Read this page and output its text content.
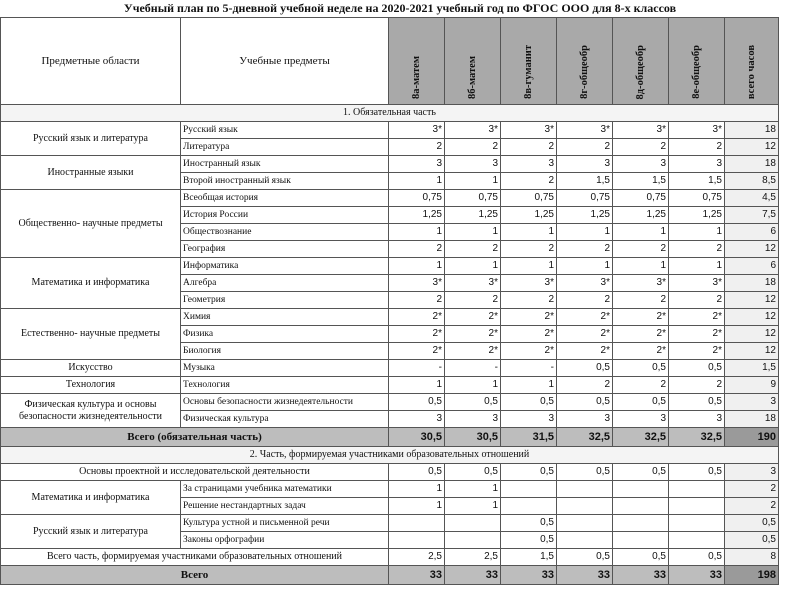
Учебный план по 5-дневной учебной неделе на 2020-2021 учебный год по ФГОС ООО для 8-х классов
Предметные области	Учебные предметы	8а-матем	8б-матем	8в-гуманит	8г-общеобр	8д-общеобр	8е-общеобр	всего часов
1. Обязательная часть								
Русский язык и литература	Русский язык	3*	3*	3*	3*	3*	3*	18
	Литература	2	2	2	2	2	2	12
Иностранные языки	Иностранный язык	3	3	3	3	3	3	18
	Второй иностранный язык	1	1	2	1,5	1,5	1,5	8,5
Общественно- научные предметы	Всеобщая история	0,75	0,75	0,75	0,75	0,75	0,75	4,5
	История России	1,25	1,25	1,25	1,25	1,25	1,25	7,5
	Обществознание	1	1	1	1	1	1	6
	География	2	2	2	2	2	2	12
Математика и информатика	Информатика	1	1	1	1	1	1	6
	Алгебра	3*	3*	3*	3*	3*	3*	18
	Геометрия	2	2	2	2	2	2	12
Естественно- научные предметы	Химия	2*	2*	2*	2*	2*	2*	12
	Физика	2*	2*	2*	2*	2*	2*	12
	Биология	2*	2*	2*	2*	2*	2*	12
Искусство	Музыка	-	-	-	0,5	0,5	0,5	1,5
Технология	Технология	1	1	1	2	2	2	9
Физическая культура и основы безопасности жизнедеятельности	Основы безопасности жизнедеятельности	0,5	0,5	0,5	0,5	0,5	0,5	3
	Физическая культура	3	3	3	3	3	3	18
Всего (обязательная часть)		30,5	30,5	31,5	32,5	32,5	32,5	190
2. Часть, формируемая участниками образовательных отношений								
Основы проектной и исследовательской деятельности		0,5	0,5	0,5	0,5	0,5	0,5	3
Математика и информатика	За страницами учебника математики	1	1					2
	Решение нестандартных задач	1	1					2
Русский язык и литература	Культура устной и письменной речи			0,5				0,5
	Законы орфографии			0,5				0,5
Всего часть, формируемая участниками образовательных отношений		2,5	2,5	1,5	0,5	0,5	0,5	8
Всего		33	33	33	33	33	33	198
